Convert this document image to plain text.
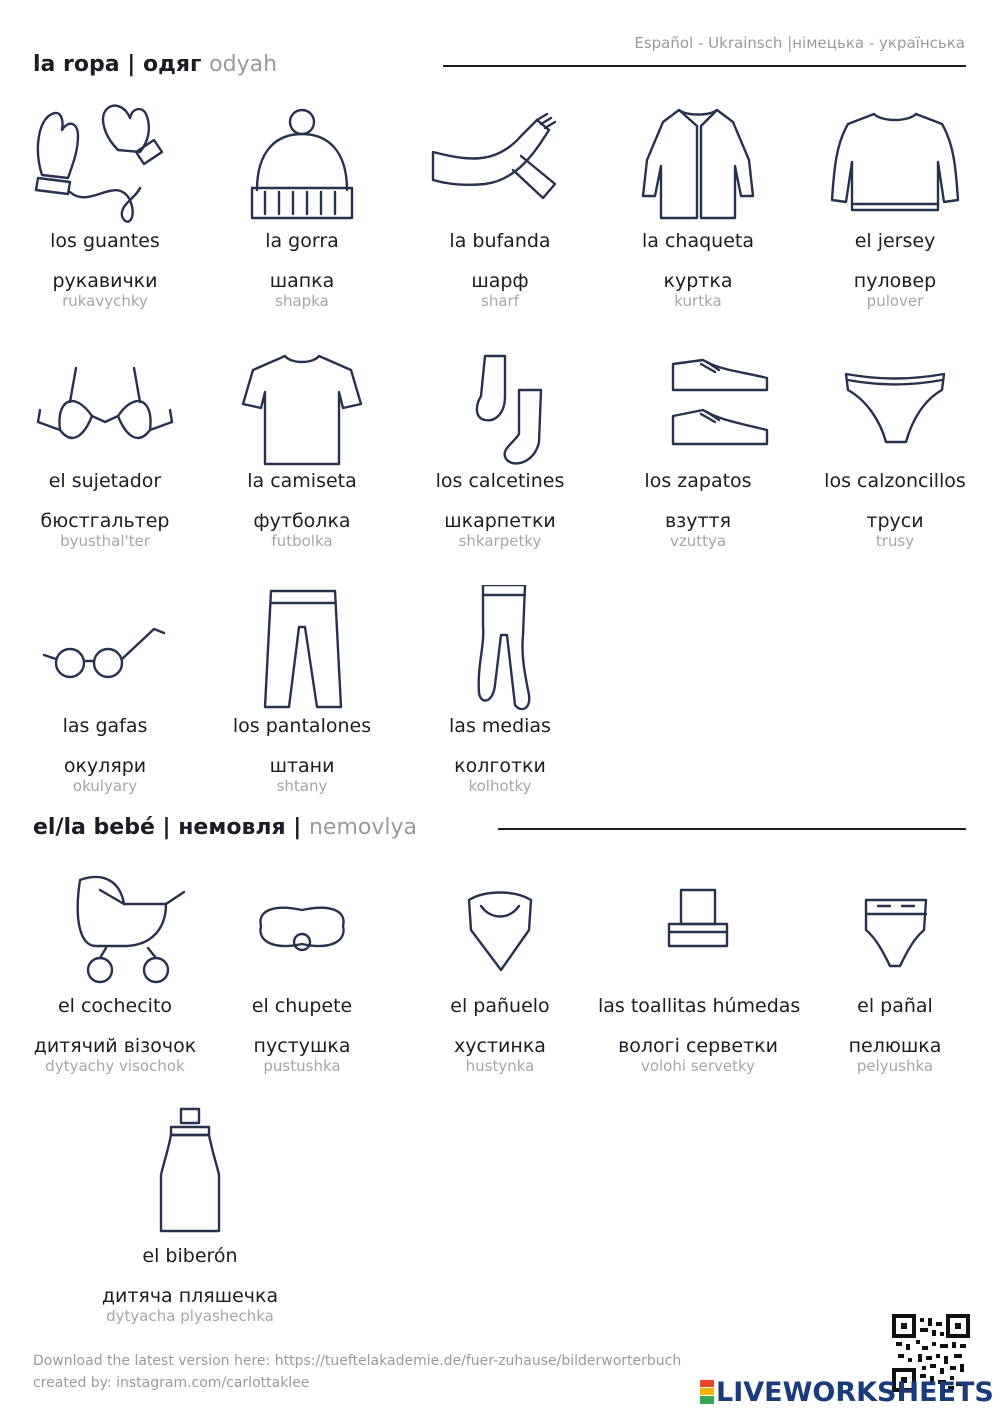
Español - Ukrainsch |німецька - українська
la ropa | одяг odyah
los guantes
рукавички
rukavychky
la gorra
шапка
shapka
la bufanda
шарф
sharf
la chaqueta
куртка
kurtka
el jersey
пуловер
pulover
el sujetador
бюстгальтер
byusthal'ter
la camiseta
футболка
futbolka
los calcetines
шкарпетки
shkarpetky
los zapatos
взуття
vzuttya
los calzoncillos
труси
trusy
las gafas
окуляри
okulyary
los pantalones
штани
shtany
las medias
колготки
kolhotky
el/la bebé | немовля | nemovlya
el cochecito
дитячий візочок
dytyachy visochok
el chupete
пустушка
pustushka
el pañuelo
хустинка
hustynka
las toallitas húmedas
вологі серветки
volohi servetky
el pañal
пелюшка
pelyushka
el biberón
дитяча пляшечка
dytyacha plyashechka
Download the latest version here: https://tueftelakademie.de/fuer-zuhause/bilderworterbuch
created by: instagram.com/carlottaklee	LIVEWORKSHEETS
